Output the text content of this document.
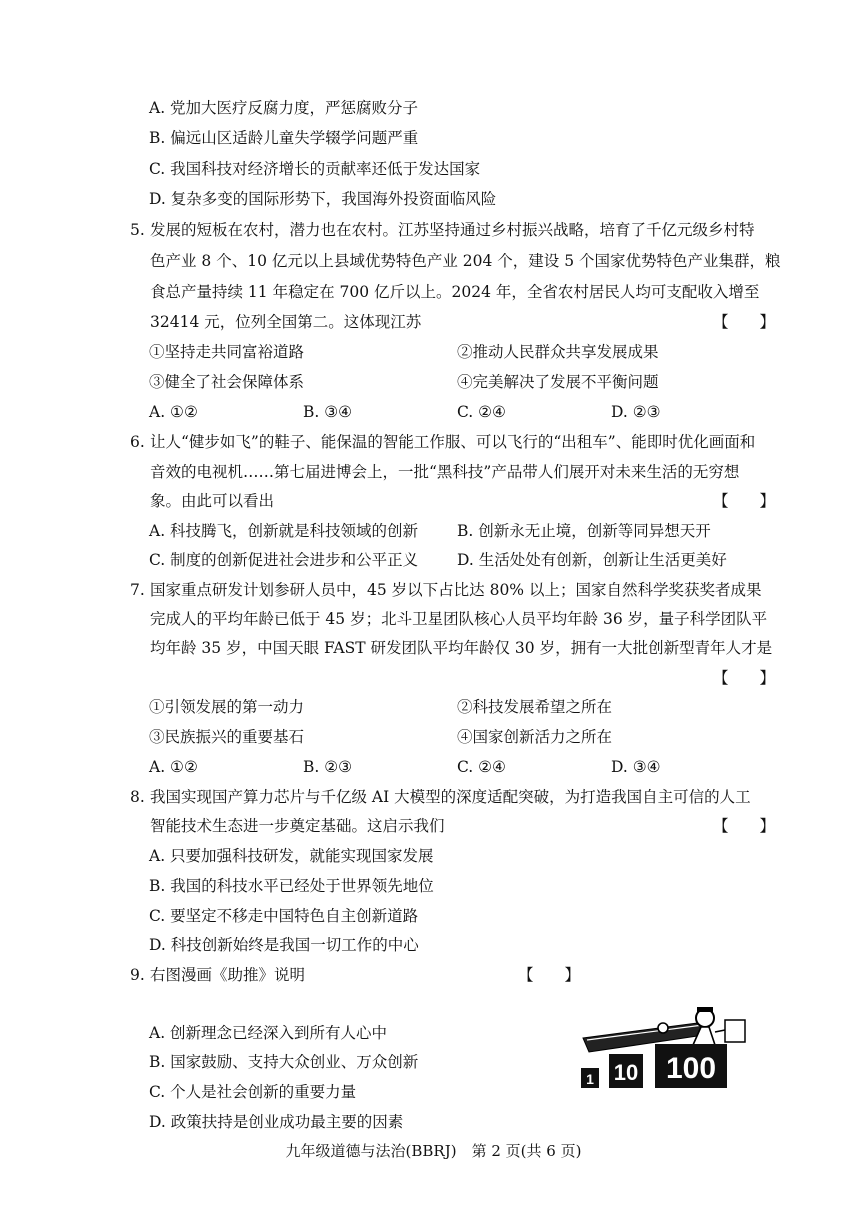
A. 党加大医疗反腐力度，严惩腐败分子
B. 偏远山区适龄儿童失学辍学问题严重
C. 我国科技对经济增长的贡献率还低于发达国家
D. 复杂多变的国际形势下，我国海外投资面临风险
5. 发展的短板在农村，潜力也在农村。江苏坚持通过乡村振兴战略，培育了千亿元级乡村特
色产业 8 个、10 亿元以上县域优势特色产业 204 个，建设 5 个国家优势特色产业集群，粮
食总产量持续 11 年稳定在 700 亿斤以上。2024 年，全省农村居民人均可支配收入增至
32414 元，位列全国第二。这体现江苏	【　　】
①坚持走共同富裕道路	②推动人民群众共享发展成果
③健全了社会保障体系	④完美解决了发展不平衡问题
A. ①②	B. ③④	C. ②④	D. ②③
6. 让人“健步如飞”的鞋子、能保温的智能工作服、可以飞行的“出租车”、能即时优化画面和
音效的电视机……第七届进博会上，一批“黑科技”产品带人们展开对未来生活的无穷想
象。由此可以看出	【　　】
A. 科技腾飞，创新就是科技领域的创新	B. 创新永无止境，创新等同异想天开
C. 制度的创新促进社会进步和公平正义	D. 生活处处有创新，创新让生活更美好
7. 国家重点研发计划参研人员中，45 岁以下占比达 80% 以上；国家自然科学奖获奖者成果
完成人的平均年龄已低于 45 岁；北斗卫星团队核心人员平均年龄 36 岁，量子科学团队平
均年龄 35 岁，中国天眼 FAST 研发团队平均年龄仅 30 岁，拥有一大批创新型青年人才是
【　　】
①引领发展的第一动力	②科技发展希望之所在
③民族振兴的重要基石	④国家创新活力之所在
A. ①②	B. ②③	C. ②④	D. ③④
8. 我国实现国产算力芯片与千亿级 AI 大模型的深度适配突破，为打造我国自主可信的人工
智能技术生态进一步奠定基础。这启示我们	【　　】
A. 只要加强科技研发，就能实现国家发展
B. 我国的科技水平已经处于世界领先地位
C. 要坚定不移走中国特色自主创新道路
D. 科技创新始终是我国一切工作的中心
9. 右图漫画《助推》说明	【　　】
A. 创新理念已经深入到所有人心中
B. 国家鼓励、支持大众创业、万众创新
C. 个人是社会创新的重要力量
D. 政策扶持是创业成功最主要的因素
1 10 100
九年级道德与法治(BBRJ)　第 2 页(共 6 页)
